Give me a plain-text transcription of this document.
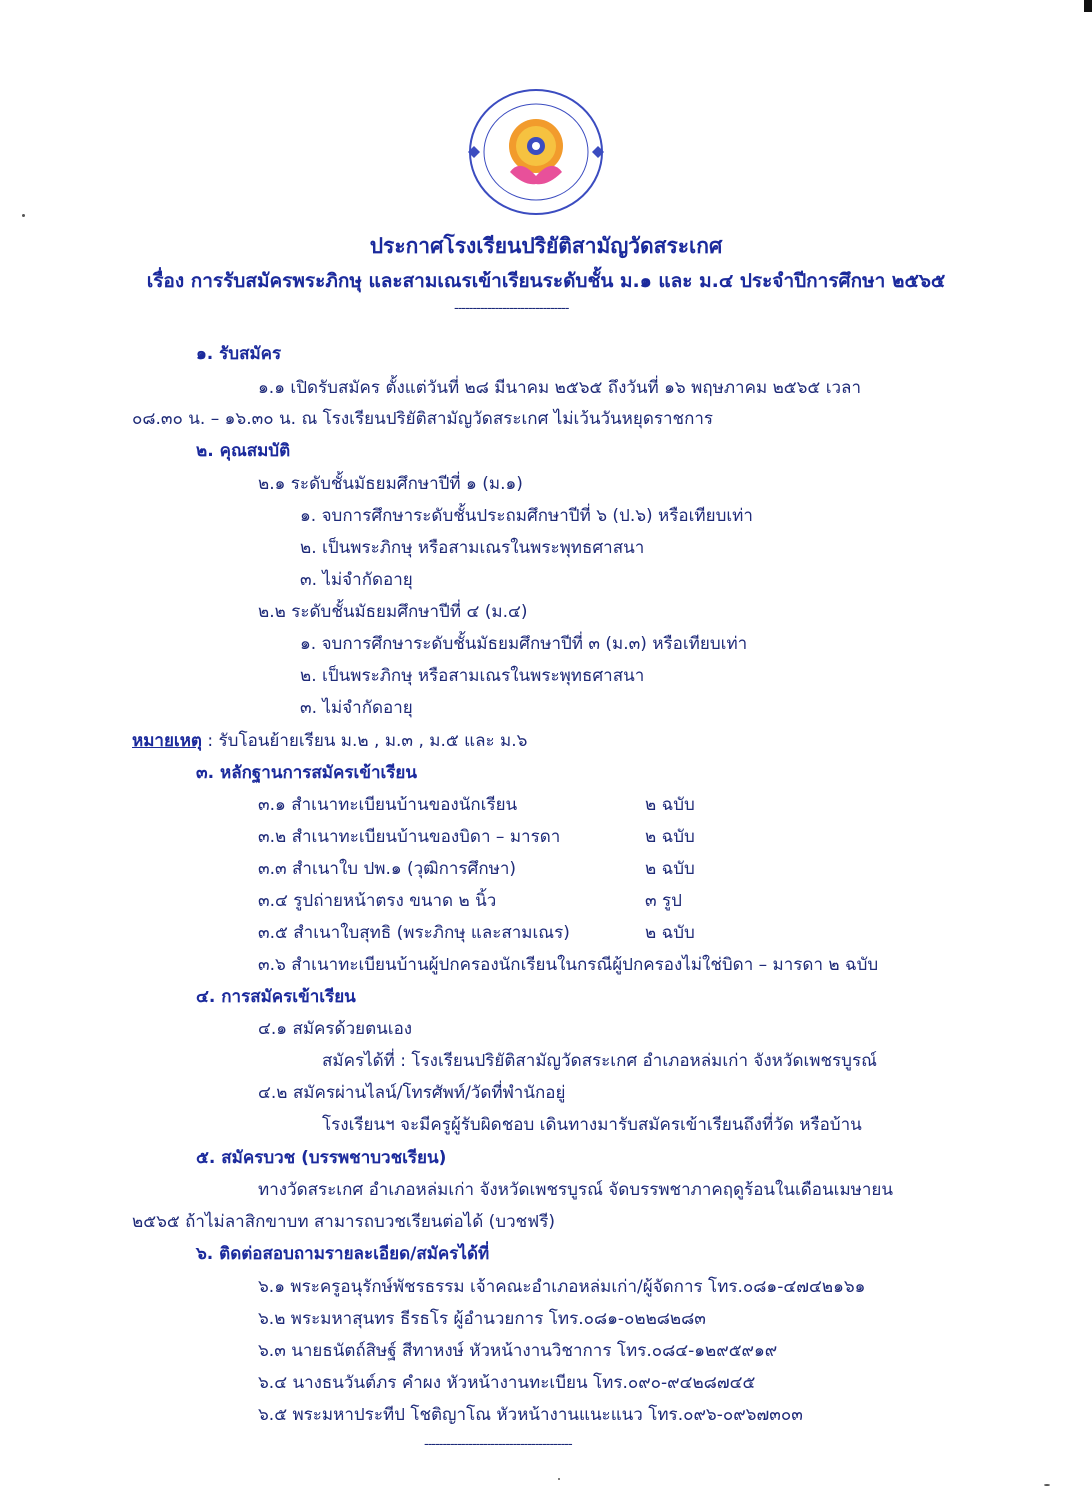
ประกาศโรงเรียนปริยัติสามัญวัดสระเกศ
เรื่อง การรับสมัครพระภิกษุ และสามเณรเข้าเรียนระดับชั้น ม.๑ และ ม.๔ ประจำปีการศึกษา ๒๕๖๕
-------------------------------
๑. รับสมัคร
๑.๑ เปิดรับสมัคร ตั้งแต่วันที่ ๒๘ มีนาคม ๒๕๖๕ ถึงวันที่ ๑๖ พฤษภาคม ๒๕๖๕ เวลา
๐๘.๓๐ น. – ๑๖.๓๐ น. ณ โรงเรียนปริยัติสามัญวัดสระเกศ ไม่เว้นวันหยุดราชการ
๒. คุณสมบัติ
๒.๑ ระดับชั้นมัธยมศึกษาปีที่ ๑ (ม.๑)
๑. จบการศึกษาระดับชั้นประถมศึกษาปีที่ ๖ (ป.๖) หรือเทียบเท่า
๒. เป็นพระภิกษุ หรือสามเณรในพระพุทธศาสนา
๓. ไม่จำกัดอายุ
๒.๒ ระดับชั้นมัธยมศึกษาปีที่ ๔ (ม.๔)
๑. จบการศึกษาระดับชั้นมัธยมศึกษาปีที่ ๓ (ม.๓) หรือเทียบเท่า
๒. เป็นพระภิกษุ หรือสามเณรในพระพุทธศาสนา
๓. ไม่จำกัดอายุ
หมายเหตุ : รับโอนย้ายเรียน ม.๒ , ม.๓ , ม.๕ และ ม.๖
๓. หลักฐานการสมัครเข้าเรียน
๓.๑ สำเนาทะเบียนบ้านของนักเรียน	๒ ฉบับ
๓.๒ สำเนาทะเบียนบ้านของบิดา – มารดา	๒ ฉบับ
๓.๓ สำเนาใบ ปพ.๑ (วุฒิการศึกษา)	๒ ฉบับ
๓.๔ รูปถ่ายหน้าตรง ขนาด ๒ นิ้ว	๓ รูป
๓.๕ สำเนาใบสุทธิ (พระภิกษุ และสามเณร)	๒ ฉบับ
๓.๖ สำเนาทะเบียนบ้านผู้ปกครองนักเรียนในกรณีผู้ปกครองไม่ใช่บิดา – มารดา ๒ ฉบับ
๔. การสมัครเข้าเรียน
๔.๑ สมัครด้วยตนเอง
สมัครได้ที่ : โรงเรียนปริยัติสามัญวัดสระเกศ อำเภอหล่มเก่า จังหวัดเพชรบูรณ์
๔.๒ สมัครผ่านไลน์/โทรศัพท์/วัดที่พำนักอยู่
โรงเรียนฯ จะมีครูผู้รับผิดชอบ เดินทางมารับสมัครเข้าเรียนถึงที่วัด หรือบ้าน
๕. สมัครบวช (บรรพชาบวชเรียน)
ทางวัดสระเกศ อำเภอหล่มเก่า จังหวัดเพชรบูรณ์ จัดบรรพชาภาคฤดูร้อนในเดือนเมษายน
๒๕๖๕ ถ้าไม่ลาสิกขาบท สามารถบวชเรียนต่อได้ (บวชฟรี)
๖. ติดต่อสอบถามรายละเอียด/สมัครได้ที่
๖.๑ พระครูอนุรักษ์พัชรธรรม เจ้าคณะอำเภอหล่มเก่า/ผู้จัดการ โทร.๐๘๑-๔๗๔๒๑๖๑
๖.๒ พระมหาสุนทร ธีรธโร ผู้อำนวยการ โทร.๐๘๑-๐๒๒๘๒๘๓
๖.๓ นายธนัตถ์สิษฐ์ สีทาหงษ์ หัวหน้างานวิชาการ โทร.๐๘๔-๑๒๙๕๙๑๙
๖.๔ นางธนวันต์ภร คำผง หัวหน้างานทะเบียน โทร.๐๙๐-๙๔๒๘๗๔๕
๖.๕ พระมหาประทีป โชติญาโณ หัวหน้างานแนะแนว โทร.๐๙๖-๐๙๖๗๓๐๓
----------------------------------------
